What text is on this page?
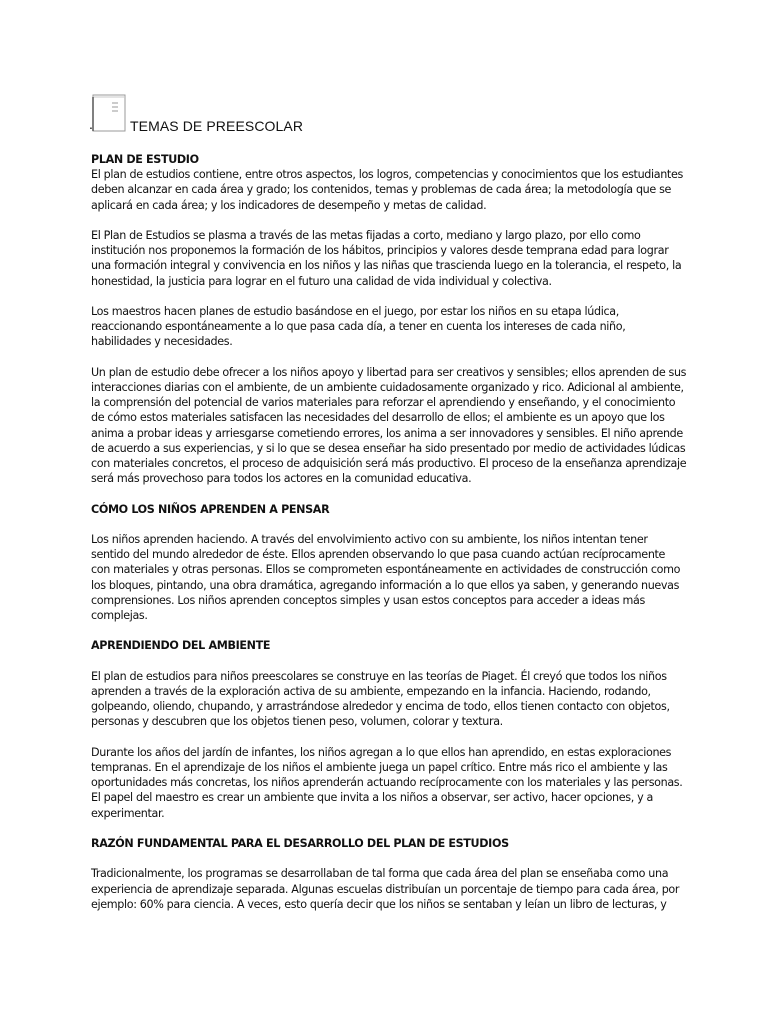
.	TEMAS DE PREESCOLAR

PLAN DE ESTUDIO

El plan de estudios contiene, entre otros aspectos, los logros, competencias y conocimientos que los estudiantes deben alcanzar en cada área y grado; los contenidos, temas y problemas de cada área; la metodología que se aplicará en cada área; y los indicadores de desempeño y metas de calidad.

El Plan de Estudios se plasma a través de las metas fijadas a corto, mediano y largo plazo, por ello como institución nos proponemos la formación de los hábitos, principios y valores desde temprana edad para lograr una formación integral y convivencia en los niños y las niñas que trascienda luego en la tolerancia, el respeto, la honestidad, la justicia para lograr en el futuro una calidad de vida individual y colectiva.

Los maestros hacen planes de estudio basándose en el juego, por estar los niños en su etapa lúdica, reaccionando espontáneamente a lo que pasa cada día, a tener en cuenta los intereses de cada niño, habilidades y necesidades.

Un plan de estudio debe ofrecer a los niños apoyo y libertad para ser creativos y sensibles; ellos aprenden de sus interacciones diarias con el ambiente, de un ambiente cuidadosamente organizado y rico. Adicional al ambiente, la comprensión del potencial de varios materiales para reforzar el aprendiendo y enseñando, y el conocimiento de cómo estos materiales satisfacen las necesidades del desarrollo de ellos; el ambiente es un apoyo que los anima a probar ideas y arriesgarse cometiendo errores, los anima a ser innovadores y sensibles. El niño aprende de acuerdo a sus experiencias, y si lo que se desea enseñar ha sido presentado por medio de actividades lúdicas con materiales concretos, el proceso de adquisición será más productivo. El proceso de la enseñanza aprendizaje será más provechoso para todos los actores en la comunidad educativa.

CÓMO LOS NIÑOS APRENDEN A PENSAR

Los niños aprenden haciendo. A través del envolvimiento activo con su ambiente, los niños intentan tener sentido del mundo alrededor de éste. Ellos aprenden observando lo que pasa cuando actúan recíprocamente con materiales y otras personas. Ellos se comprometen espontáneamente en actividades de construcción como los bloques, pintando, una obra dramática, agregando información a lo que ellos ya saben, y generando nuevas comprensiones. Los niños aprenden conceptos simples y usan estos conceptos para acceder a ideas más complejas.

APRENDIENDO DEL AMBIENTE

El plan de estudios para niños preescolares se construye en las teorías de Piaget. Él creyó que todos los niños aprenden a través de la exploración activa de su ambiente, empezando en la infancia. Haciendo, rodando, golpeando, oliendo, chupando, y arrastrándose alrededor y encima de todo, ellos tienen contacto con objetos, personas y descubren que los objetos tienen peso, volumen, colorar y textura.

Durante los años del jardín de infantes, los niños agregan a lo que ellos han aprendido, en estas exploraciones tempranas. En el aprendizaje de los niños el ambiente juega un papel crítico. Entre más rico el ambiente y las oportunidades más concretas, los niños aprenderán actuando recíprocamente con los materiales y las personas. El papel del maestro es crear un ambiente que invita a los niños a observar, ser activo, hacer opciones, y a experimentar.

RAZÓN FUNDAMENTAL PARA EL DESARROLLO DEL PLAN DE ESTUDIOS

Tradicionalmente, los programas se desarrollaban de tal forma que cada área del plan se enseñaba como una experiencia de aprendizaje separada. Algunas escuelas distribuían un porcentaje de tiempo para cada área, por ejemplo: 60% para ciencia. A veces, esto quería decir que los niños se sentaban y leían un libro de lecturas, y
